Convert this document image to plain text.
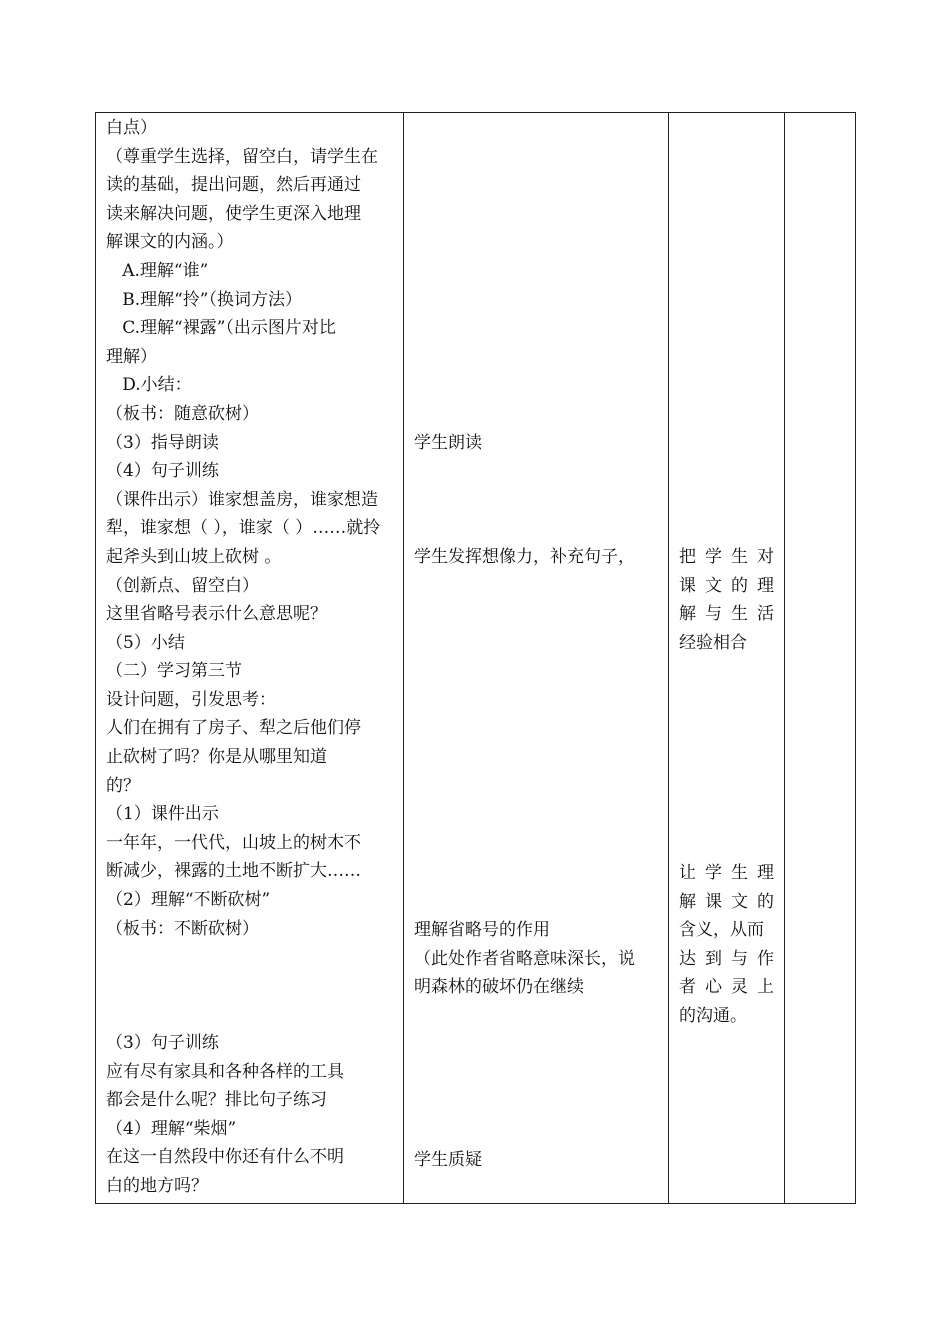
白点）
（尊重学生选择，留空白，请学生在
读的基础，提出问题，然后再通过
读来解决问题，使学生更深入地理
解课文的内涵。）
A.理解“谁”
B.理解“拎”（换词方法）
C.理解“裸露”（出示图片对比
理解）
D.小结：
（板书：随意砍树）
（3）指导朗读
（4）句子训练
（课件出示）谁家想盖房，谁家想造
犁，谁家想（ ），谁家（ ）……就拎
起斧头到山坡上砍树 。
（创新点、留空白）
这里省略号表示什么意思呢？
（5）小结
（二）学习第三节
设计问题，引发思考：
人们在拥有了房子、犁之后他们停
止砍树了吗？你是从哪里知道
的？
（1）课件出示
一年年，一代代，山坡上的树木不
断减少，裸露的土地不断扩大……
（2）理解“不断砍树”
（板书：不断砍树）
（3）句子训练
应有尽有家具和各种各样的工具
都会是什么呢？排比句子练习
（4）理解“柴烟”
在这一自然段中你还有什么不明
白的地方吗？
学生朗读
学生发挥想像力，补充句子，
理解省略号的作用
（此处作者省略意味深长，说
明森林的破坏仍在继续
学生质疑
把学生对
课文的理
解与生活
经验相合
让学生理
解课文的
含义，从而
达到与作
者心灵上
的沟通。
